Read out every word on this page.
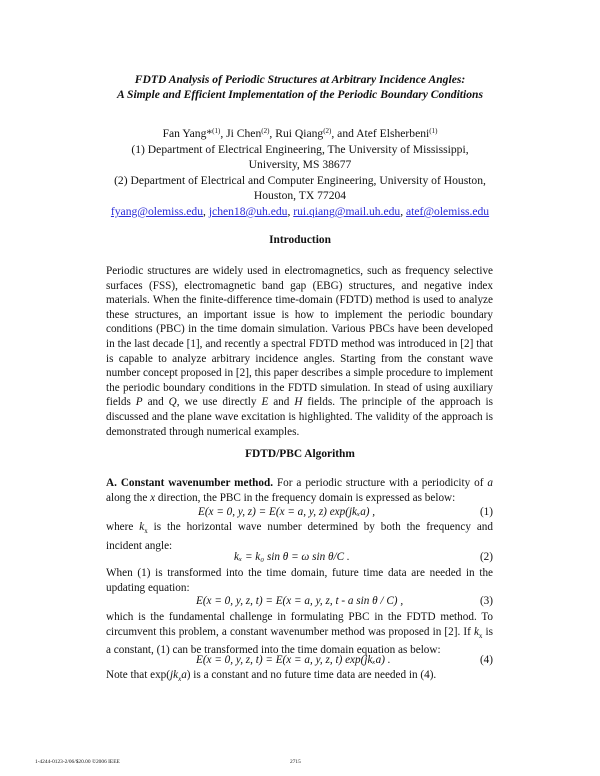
FDTD Analysis of Periodic Structures at Arbitrary Incidence Angles:
A Simple and Efficient Implementation of the Periodic Boundary Conditions
Fan Yang*$^{(1)}$, Ji Chen$^{(2)}$, Rui Qiang$^{(2)}$, and Atef Elsherbeni$^{(1)}$
(1) Department of Electrical Engineering, The University of Mississippi,
University, MS 38677
(2) Department of Electrical and Computer Engineering, University of Houston,
Houston, TX 77204
fyang@olemiss.edu, jchen18@uh.edu, rui.qiang@mail.uh.edu, atef@olemiss.edu
Introduction
Periodic structures are widely used in electromagnetics, such as frequency selective surfaces (FSS), electromagnetic band gap (EBG) structures, and negative index materials. When the finite-difference time-domain (FDTD) method is used to analyze these structures, an important issue is how to implement the periodic boundary conditions (PBC) in the time domain simulation. Various PBCs have been developed in the last decade [1], and recently a spectral FDTD method was introduced in [2] that is capable to analyze arbitrary incidence angles. Starting from the constant wave number concept proposed in [2], this paper describes a simple procedure to implement the periodic boundary conditions in the FDTD simulation. In stead of using auxiliary fields P and Q, we use directly E and H fields. The principle of the approach is discussed and the plane wave excitation is highlighted. The validity of the approach is demonstrated through numerical examples.
FDTD/PBC Algorithm
A. Constant wavenumber method. For a periodic structure with a periodicity of a along the x direction, the PBC in the frequency domain is expressed as below:
E(x = 0, y, z) = E(x = a, y, z) exp(jkₓa) ,	(1)
where $k_x$ is the horizontal wave number determined by both the frequency and incident angle:
kₓ = k₀ sin θ = ω sin θ/C .	(2)
When (1) is transformed into the time domain, future time data are needed in the updating equation:
E(x = 0, y, z, t) = E(x = a, y, z, t - a sin θ / C) ,	(3)
which is the fundamental challenge in formulating PBC in the FDTD method. To circumvent this problem, a constant wavenumber method was proposed in [2]. If $k_x$ is a constant, (1) can be transformed into the time domain equation as below:
E(x = 0, y, z, t) = E(x = a, y, z, t) exp(jkₓa) .	(4)
Note that $\exp(jk_xa)$ is a constant and no future time data are needed in (4).
1-4244-0123-2/06/$20.00 ©2006 IEEE	2715
